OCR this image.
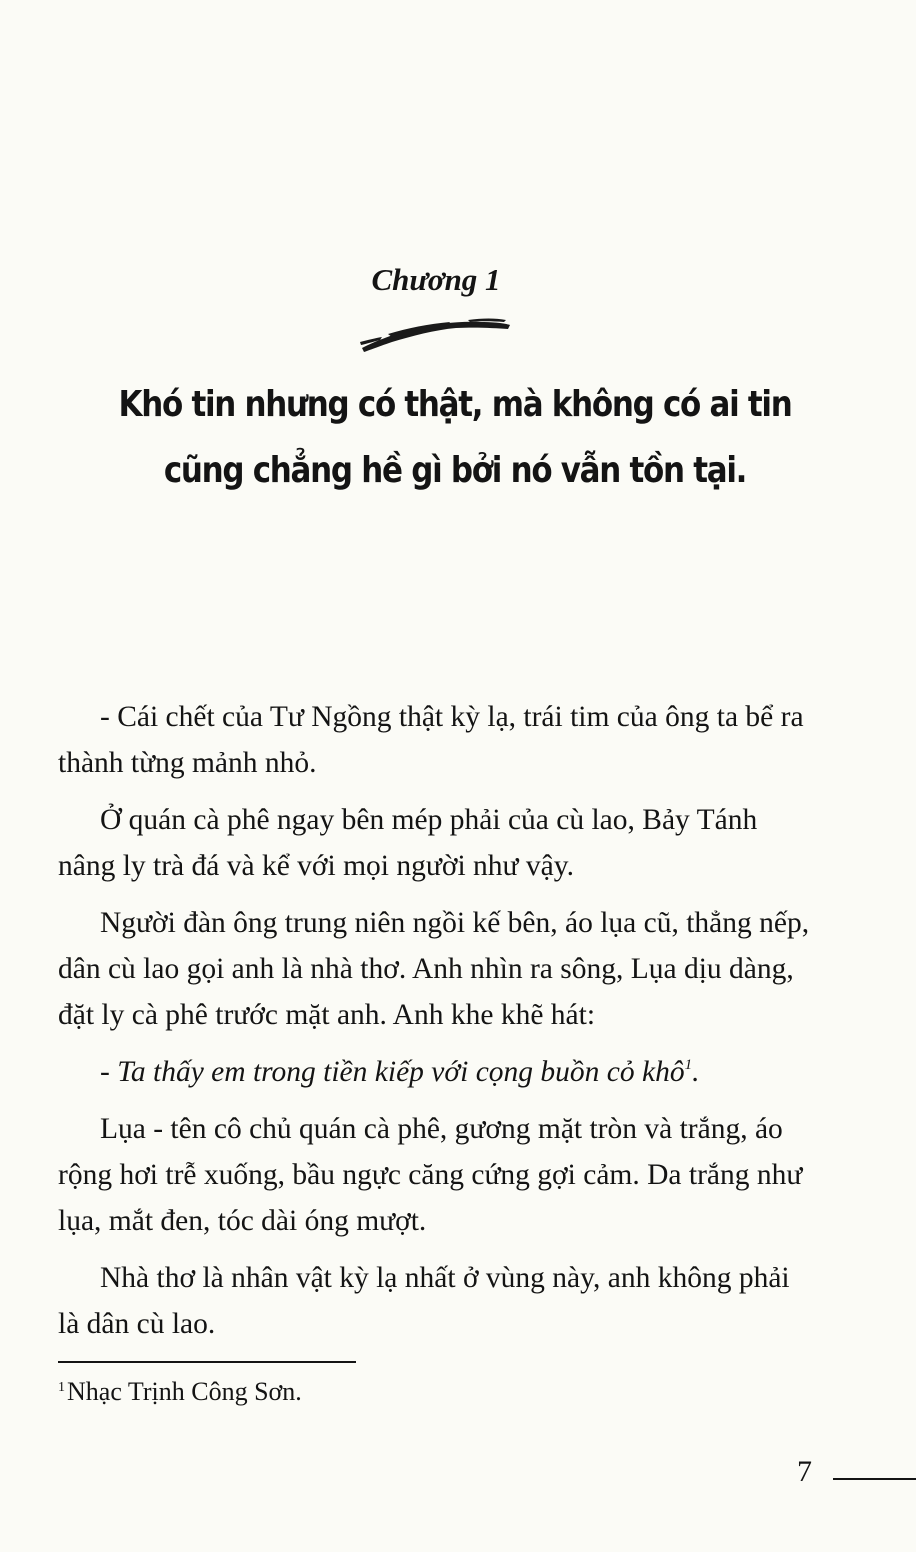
Chương 1
Khó tin nhưng có thật, mà không có ai tin
cũng chẳng hề gì bởi nó vẫn tồn tại.

- Cái chết của Tư Ngồng thật kỳ lạ, trái tim của ông ta bể ra thành từng mảnh nhỏ.

Ở quán cà phê ngay bên mép phải của cù lao, Bảy Tánh nâng ly trà đá và kể với mọi người như vậy.

Người đàn ông trung niên ngồi kế bên, áo lụa cũ, thẳng nếp, dân cù lao gọi anh là nhà thơ. Anh nhìn ra sông, Lụa dịu dàng, đặt ly cà phê trước mặt anh. Anh khe khẽ hát:

- Ta thấy em trong tiền kiếp với cọng buồn cỏ khô$^1$.

Lụa - tên cô chủ quán cà phê, gương mặt tròn và trắng, áo rộng hơi trễ xuống, bầu ngực căng cứng gợi cảm. Da trắng như lụa, mắt đen, tóc dài óng mượt.

Nhà thơ là nhân vật kỳ lạ nhất ở vùng này, anh không phải là dân cù lao.

$^1$Nhạc Trịnh Công Sơn.
7
